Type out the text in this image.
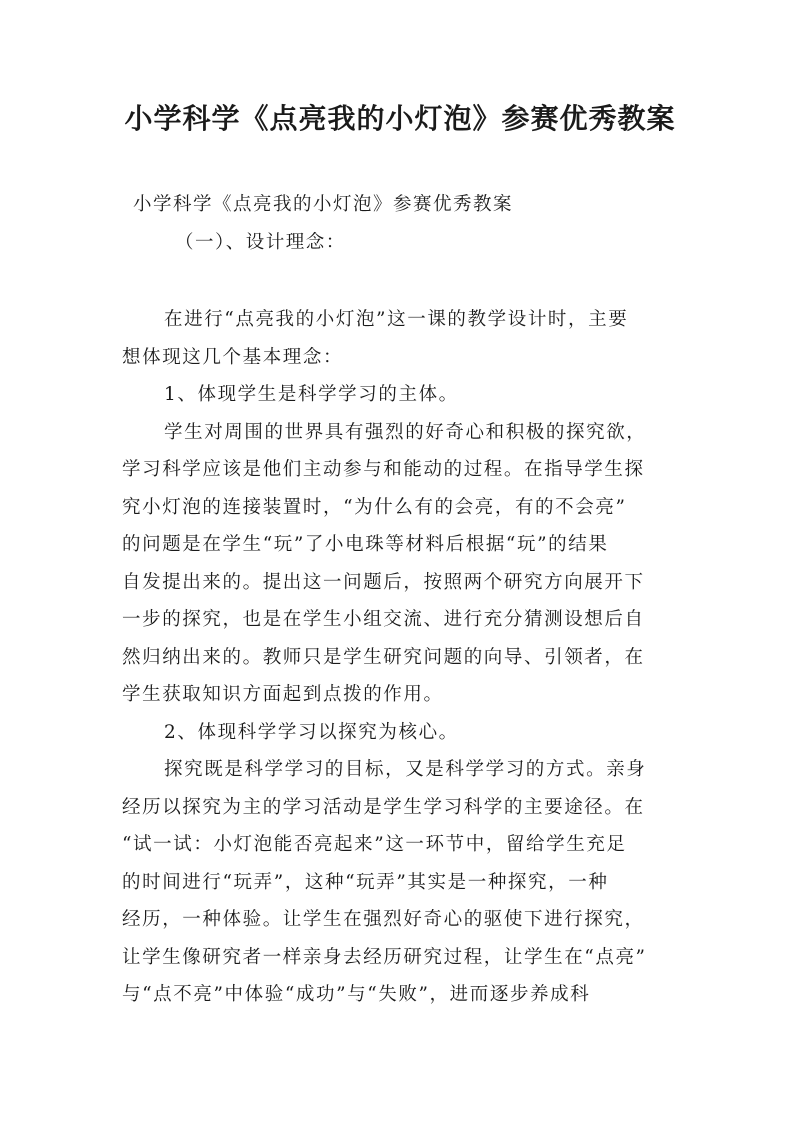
小学科学《点亮我的小灯泡》参赛优秀教案
小学科学《点亮我的小灯泡》参赛优秀教案
（一）、设计理念：
在进行“点亮我的小灯泡”这一课的教学设计时，主要
想体现这几个基本理念：
1、体现学生是科学学习的主体。
学生对周围的世界具有强烈的好奇心和积极的探究欲，
学习科学应该是他们主动参与和能动的过程。在指导学生探
究小灯泡的连接装置时，“为什么有的会亮，有的不会亮”
的问题是在学生“玩”了小电珠等材料后根据“玩”的结果
自发提出来的。提出这一问题后，按照两个研究方向展开下
一步的探究，也是在学生小组交流、进行充分猜测设想后自
然归纳出来的。教师只是学生研究问题的向导、引领者，在
学生获取知识方面起到点拨的作用。
2、体现科学学习以探究为核心。
探究既是科学学习的目标，又是科学学习的方式。亲身
经历以探究为主的学习活动是学生学习科学的主要途径。在
“试一试：小灯泡能否亮起来”这一环节中，留给学生充足
的时间进行“玩弄”，这种“玩弄”其实是一种探究，一种
经历，一种体验。让学生在强烈好奇心的驱使下进行探究，
让学生像研究者一样亲身去经历研究过程，让学生在“点亮”
与“点不亮”中体验“成功”与“失败”，进而逐步养成科
